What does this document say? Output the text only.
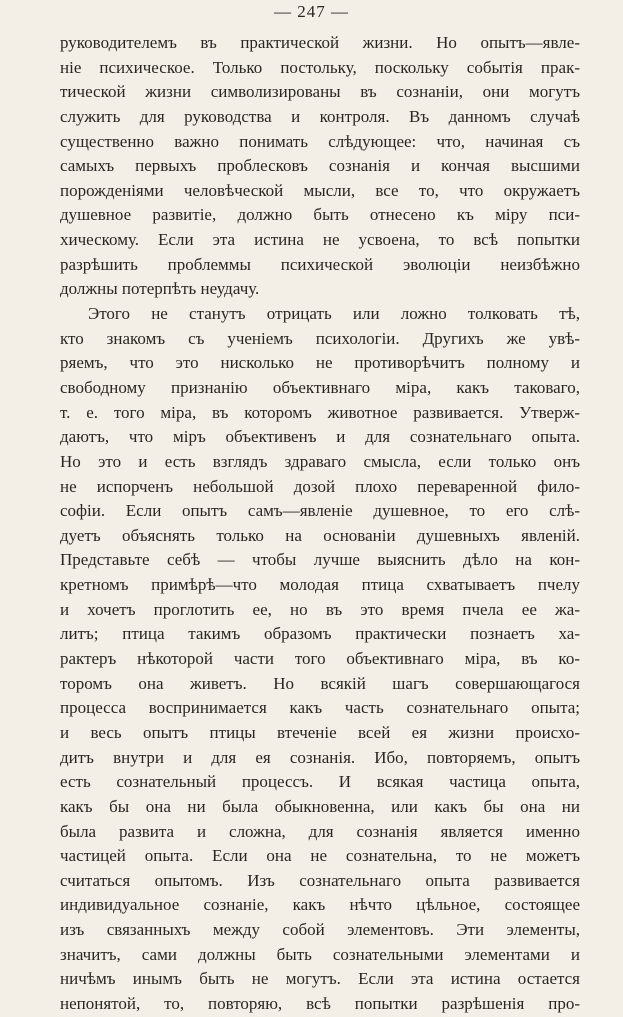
— 247 —
руководителемъ въ практической жизни. Но опытъ—явле-
ніе психическое. Только постольку, поскольку событія прак-
тической жизни символизированы въ сознаніи, они могутъ
служить для руководства и контроля. Въ данномъ случаѣ
существенно важно понимать слѣдующее: что, начиная съ
самыхъ первыхъ проблесковъ сознанія и кончая высшими
порожденіями человѣческой мысли, все то, что окружаетъ
душевное развитіе, должно быть отнесено къ міру пси-
хическому. Если эта истина не усвоена, то всѣ попытки
разрѣшить проблеммы психической эволюціи неизбѣжно
должны потерпѣть неудачу.
Этого не станутъ отрицать или ложно толковать тѣ,
кто знакомъ съ ученіемъ психологіи. Другихъ же увѣ-
ряемъ, что это нисколько не противорѣчитъ полному и
свободному признанію объективнаго міра, какъ таковаго,
т. е. того міра, въ которомъ животное развивается. Утверж-
даютъ, что міръ объективенъ и для сознательнаго опыта.
Но это и есть взглядъ здраваго смысла, если только онъ
не испорченъ небольшой дозой плохо переваренной фило-
софіи. Если опытъ самъ—явленіе душевное, то его слѣ-
дуетъ объяснять только на основаніи душевныхъ явленій.
Представьте себѣ — чтобы лучше выяснить дѣло на кон-
кретномъ примѣрѣ—что молодая птица схватываетъ пчелу
и хочетъ проглотить ее, но въ это время пчела ее жа-
литъ; птица такимъ образомъ практически познаетъ ха-
рактеръ нѣкоторой части того объективнаго міра, въ ко-
торомъ она живетъ. Но всякій шагъ совершающагося
процесса воспринимается какъ часть сознательнаго опыта;
и весь опытъ птицы втеченіе всей ея жизни происхо-
дитъ внутри и для ея сознанія. Ибо, повторяемъ, опытъ
есть сознательный процессъ. И всякая частица опыта,
какъ бы она ни была обыкновенна, или какъ бы она ни
была развита и сложна, для сознанія является именно
частицей опыта. Если она не сознательна, то не можетъ
считаться опытомъ. Изъ сознательнаго опыта развивается
индивидуальное сознаніе, какъ нѣчто цѣльное, состоящее
изъ связанныхъ между собой элементовъ. Эти элементы,
значитъ, сами должны быть сознательными элементами и
ничѣмъ инымъ быть не могутъ. Если эта истина остается
непонятой, то, повторяю, всѣ попытки разрѣшенія про-
